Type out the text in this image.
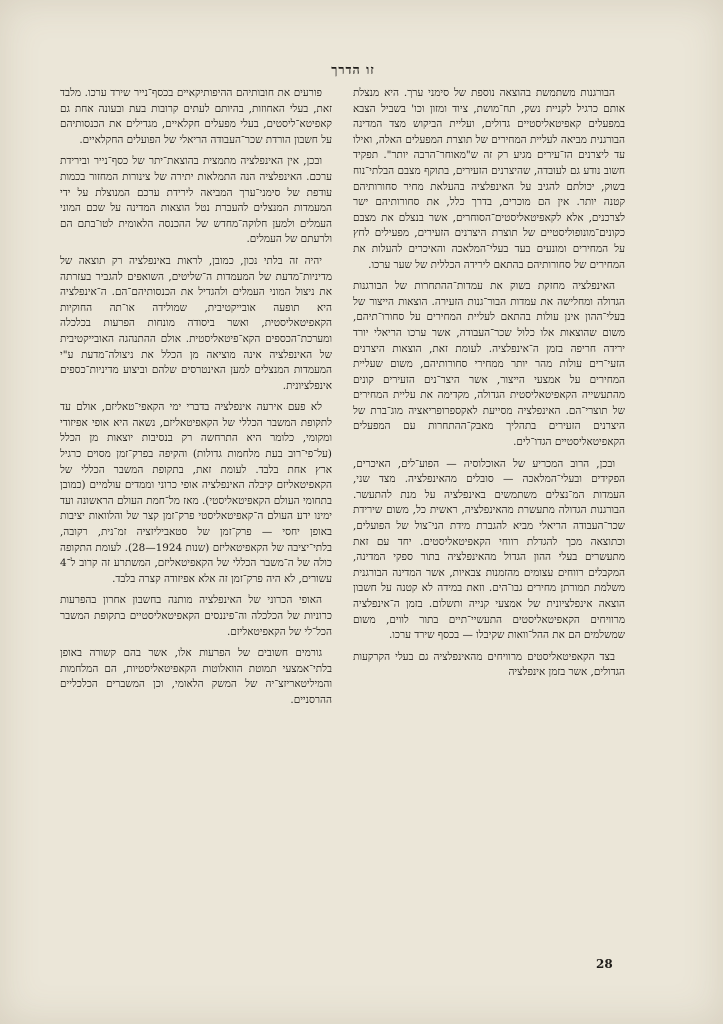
זו הדרך

הבורגנות משתמשת בהוצאה נוספת של סימני ערך. היא מנצלת אותם כרגיל לקניית נשק, תח־מושת, ציוד ומזון וכו' בשביל הצבא במפעלים קאפיטאליסטיים גדולים, ועליית הביקוש מצד המדינה הבורגנית מביאה לעליית המחירים של תוצרת המפעלים האלה, ואילו עד ליצרנים הז־עירים מגיע רק זה ש"מאוחר־הרבה יותר". תפקיד חשוב נודע גם לעובדה, שהיצרנים הזעירים, בתוקף מצבם הבלתי־נוח בשוק, יכולתם להגיב על האינפלציה בהעלאת מחיר סחורותיהם קטנה יותר. אין הם מוכרים, בדרך כלל, את סחורותיהם ישר לצרכנים, אלא לקאפיטאליסטים־הסוחרים, אשר בנצלם את מצבם כקונים־מונופוליסטיים של תוצרת היצרנים הזעירים, מפעילים לחץ על המחירים ומונעים בעד בעלי־המלאכה והאיכרים להעלות את המחירים של סחורותיהם בהתאם לירידה הכללית של שער ערכו.

האינפלציה מחזקת בשוק את עמדות־ההתחרות של הבורגנות הגדולה ומחלישה את עמדות הבור־גנות הזעירה. הוצאות הייצור של בעלי־ההון אינן עולות בהתאם לעליית המחירים על סחורו־תיהם, משום שהוצאות אלו כלול שכר־העבודה, אשר ערכו הריאלי יורד ירידה חריפה בזמן ה־אינפלציה. לעומת זאת, הוצאות היצרנים הזעי־רים עולות מהר יותר ממחירי סחורותיהם, משום שעליית המחירים על אמצעי הייצור, אשר היצר־נים הזעירים קונים מהתעשייה הקאפיטאליסטית הגדולה, מקדימה את עליית המחירים של תוצרי־הם. האינפלציה מסייעת לאקספרופריאציה מוג־ברת של היצרנים הזעירים בתהליך מאבק־ההתחרות עם המפעלים הקאפיטאליסטיים הגדו־לים.

ובכן, הרוב המכריע של האוכלוסיה — הפוע־לים, האיכרים, הפקידים ובעלי־המלאכה — סובלים מהאינפלציה. מצד שני, העמדות המ־נצלים משתמשים באינפלציה על מנת להתעשר. הבורגנות הגדולה מתעשרת מהאינפלציה, ראשית כל, משום שירידת שכר־העבודה הריאלי מביא להגברת מידת הני־צול של הפועלים, וכתוצאה מכך להגדלת רווחי הקאפיטאליסטים. יחד עם זאת מתעשרים בעלי ההון הגדול מהאינפלציה בתור ספקי המדינה, המקבלים רווחים עצומים מהזמנות צבאיות, אשר המדינה הבורגנית משלמת תמורתן מחירים גבו־הים. וזאת במידה לא קטנה על חשבון הוצאה אינפלציונית של אמצעי קנייה ותשלום. בזמן ה־אינפלציה מרוויחים הקאפיטאליסטים התעשיי־תיים בתור לווים, משום שמשלמים הם את ההל־וואות שקיבלו — בכסף שירד ערכו.

בצד הקאפיטאליסטים מרוויחים מהאינפלציה גם בעלי הקרקעות הגדולים, אשר בזמן אינפלציה

פורעים את חובותיהם ההיפותיקאיים בכסף־נייר שירד ערכו. מלבד זאת, בעלי האחוזות, בהיותם לעתים קרובות בעת ובעונה אחת גם קאפיטא־ליסטים, בעלי מפעלים חקלאיים, מגדילים את הכנסותיהם על חשבון הורדת שכר־העבודה הריאלי של הפועלים החקלאיים.

ובכן, אין האינפלציה מתמצית בהוצאת־יתר של כסף־נייר ובירידת ערכם. האינפלציה הנה התמלאות יתירה של צינורות המחזור בכמות עודפת של סימני־ערך המביאה לירידת ערכם המנוצלת על ידי המעמדות המנצלים להעברת נטל הוצאות המדינה על שכם המוני העמלים ולמען חלוקה־מחדש של ההכנסה הלאומית לטו־בתם הם ולרעתם של העמלים.

יהיה זה בלתי נכון, כמובן, לראות באינפלציה רק תוצאה של מדיניות־מדעת של המעמדות ה־שליטים, השואפים להגביר בעזרתה את ניצול המוני העמלים ולהגדיל את הכנסותיהם־הם. ה־אינפלציה היא תופעה אובייקטיבית, שמולידה או־תה החוקיות הקאפיטאליסטית, ואשר ביסודה מונחות הפרעות בכלכלה ומערכת־הכספים הקא־פיטאליסטית. אולם ההתנהגה האובייקטיבית של האינפלציה אינה מוציאה מן הכלל את ניצולה־מדעת ע"י המעמדות המנצלים למען האינטרסים שלהם וביצוע מדיניות־כספים אינפלציונית.

לא פעם אירעה אינפלציה בדברי ימי הקאפי־טאליזם, אולם עד לתקופת המשבר הכללי של הקאפיטאליזם, נשאה היא אופי אפיזודי ומקומי, כלומר היא התרחשה רק בנסיבות יוצאות מן הכלל (על־פי־רוב בעת מלחמות גדולות) והקיפה בפרק־זמן מסוים כרגיל ארץ אחת בלבד. לעומת זאת, בתקופת המשבר הכללי של הקאפיטאליזם קיבלה האינפלציה אופי כרוני וממדים עולמיים (כמובן בתחומי העולם הקאפיטאליסטי). מאז מל־חמת העולם הראשונה ועד ימינו ידע העולם ה־קאפיטאליסטי פרק־זמן קצר של והלוואות יציבות באופן יחסי — פרק־זמן של סטאביליזציה זמ־נית, רקובה, בלתי־יציבה של הקאפיטאליזם (שנות 1924—28). לעומת התקופה כולה של ה־משבר הכללי של הקאפיטאליזם, המשתרע זה קרוב ל־4 עשורים, לא היה פרק־זמן זה אלא אפיזודה קצרה בלבד.

האופי הכרוני של האינפלציה מותנה בחשבון אחרון בהפרעות כרוניות של הכלכלה וה־פיננסים הקאפיטאליסטיים בתקופת המשבר הכל־לי של הקאפיטאליזם.

גורמים חשובים של הפרעות אלו, אשר בהם קשורה באופן בלתי־אמצעי תמוטת הוואלוטות הקאפיטאליסטיות, הם המלחמות והמיליטאריזצ־יה של המשק הלאומי, וכן המשברים הכלכליים ההרסניים.

28
